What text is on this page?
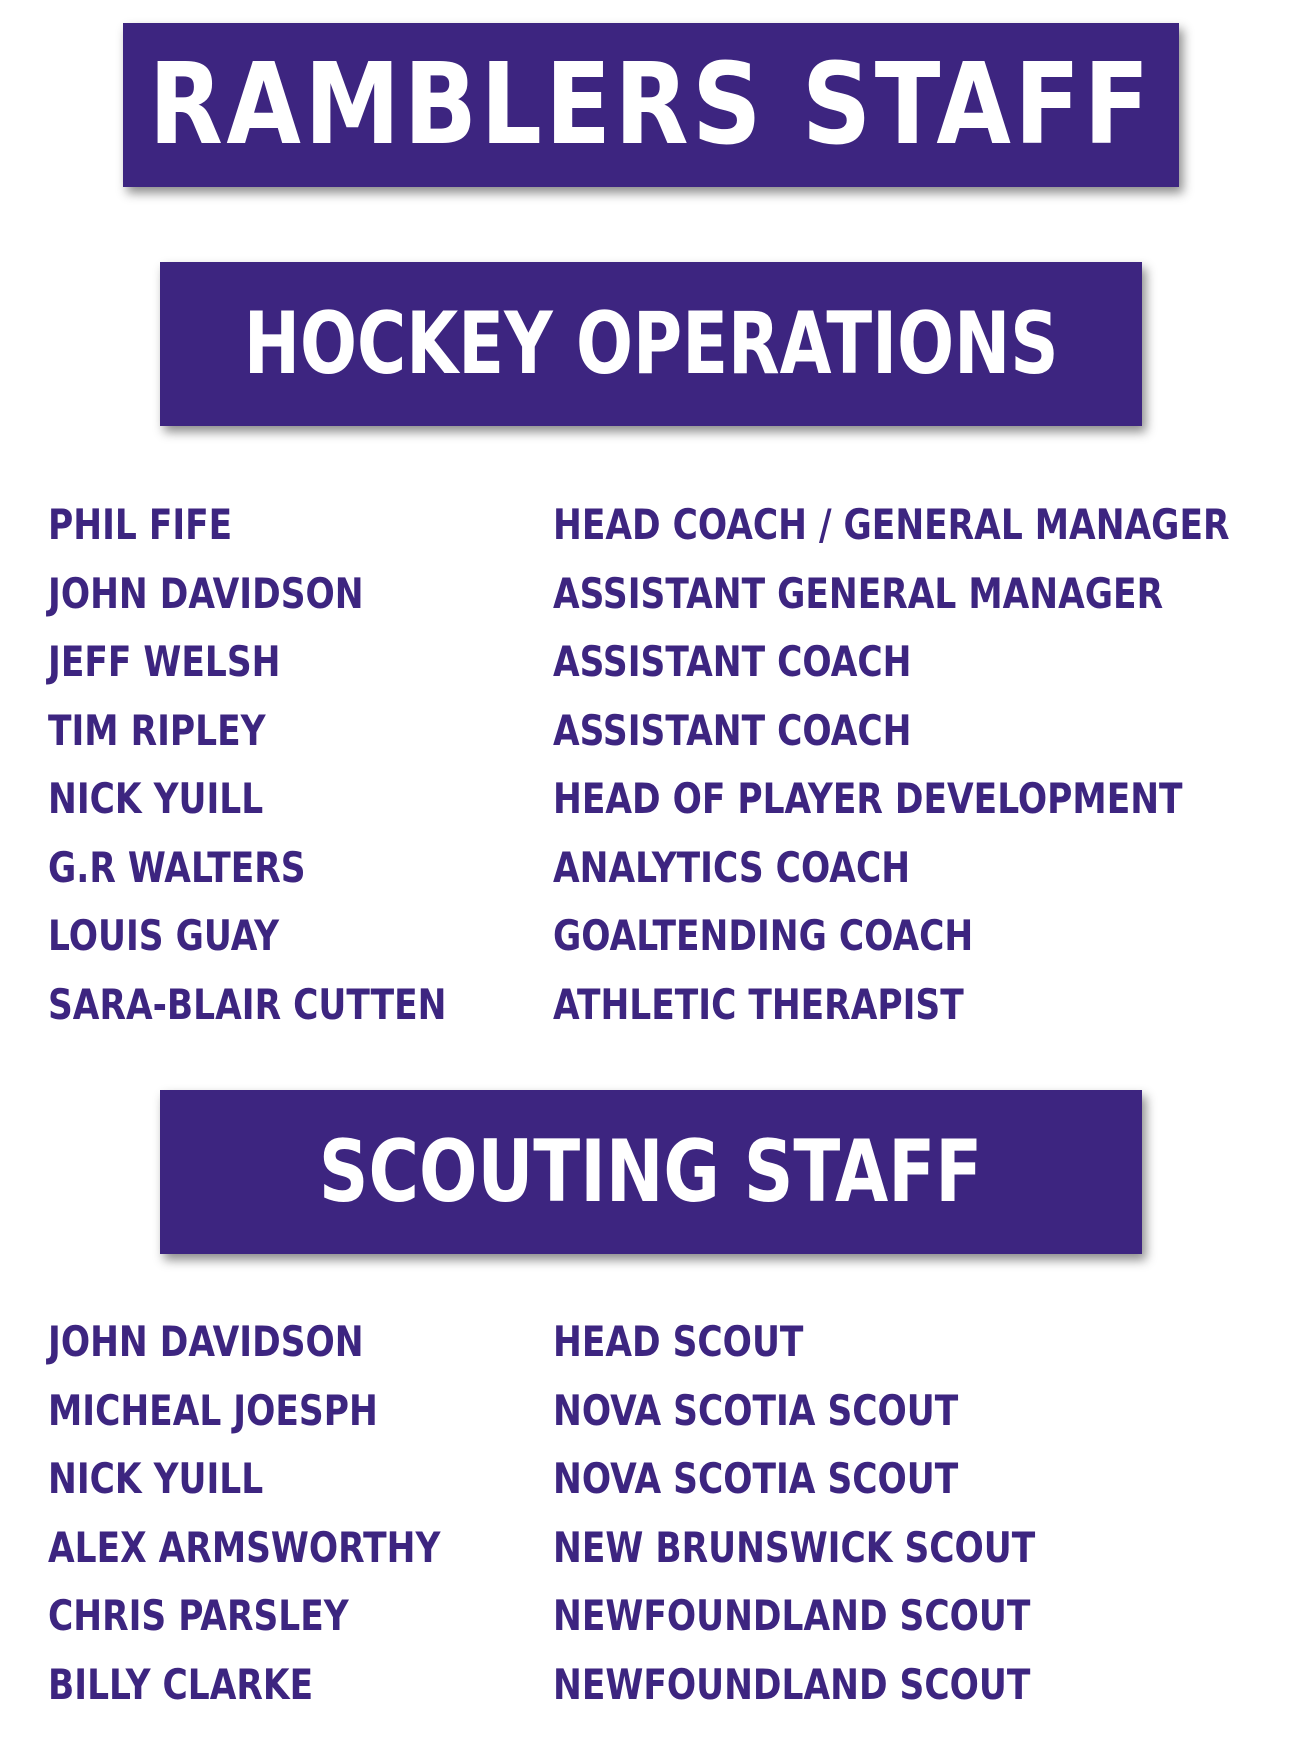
RAMBLERS STAFF
HOCKEY OPERATIONS
PHIL FIFE	HEAD COACH / GENERAL MANAGER
JOHN DAVIDSON	ASSISTANT GENERAL MANAGER
JEFF WELSH	ASSISTANT COACH
TIM RIPLEY	ASSISTANT COACH
NICK YUILL	HEAD OF PLAYER DEVELOPMENT
G.R WALTERS	ANALYTICS COACH
LOUIS GUAY	GOALTENDING COACH
SARA-BLAIR CUTTEN	ATHLETIC THERAPIST
SCOUTING STAFF
JOHN DAVIDSON	HEAD SCOUT
MICHEAL JOESPH	NOVA SCOTIA SCOUT
NICK YUILL	NOVA SCOTIA SCOUT
ALEX ARMSWORTHY	NEW BRUNSWICK SCOUT
CHRIS PARSLEY	NEWFOUNDLAND SCOUT
BILLY CLARKE	NEWFOUNDLAND SCOUT
